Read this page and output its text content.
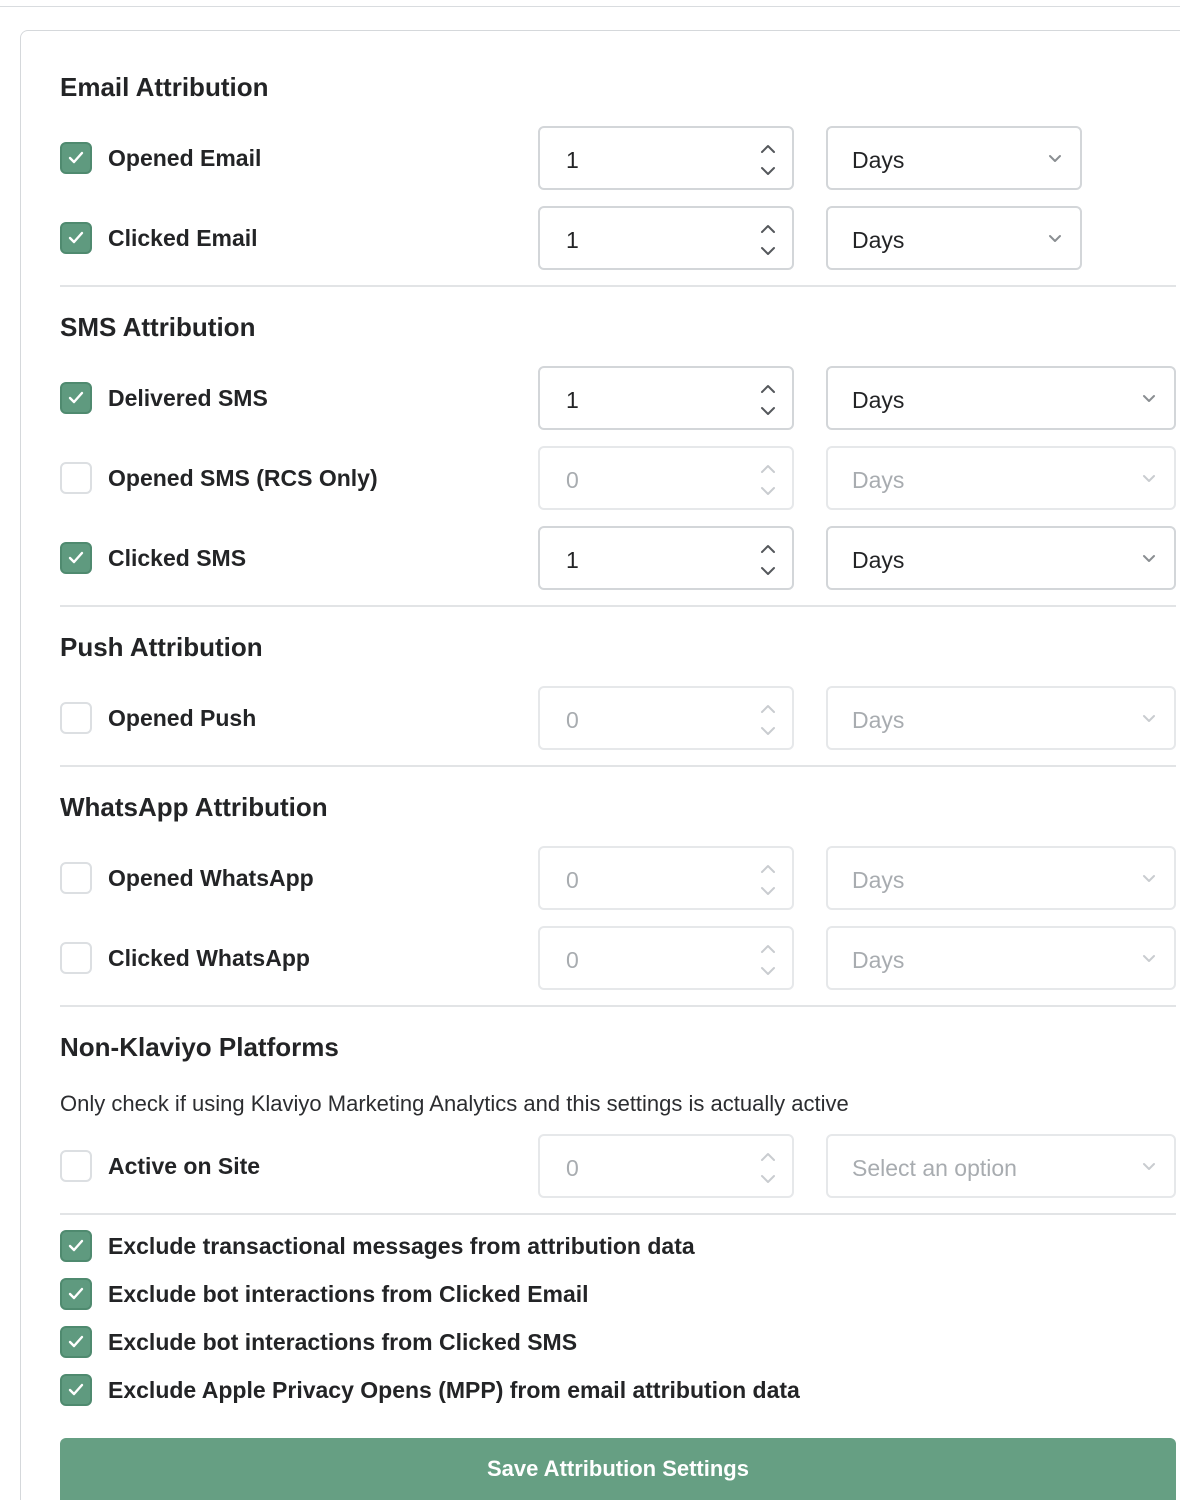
Email Attribution
Opened Email	1	Days
Clicked Email	1	Days
SMS Attribution
Delivered SMS	1	Days
Opened SMS (RCS Only)	0	Days
Clicked SMS	1	Days
Push Attribution
Opened Push	0	Days
WhatsApp Attribution
Opened WhatsApp	0	Days
Clicked WhatsApp	0	Days
Non-Klaviyo Platforms
Only check if using Klaviyo Marketing Analytics and this settings is actually active
Active on Site	0	Select an option
Exclude transactional messages from attribution data
Exclude bot interactions from Clicked Email
Exclude bot interactions from Clicked SMS
Exclude Apple Privacy Opens (MPP) from email attribution data
Save Attribution Settings
